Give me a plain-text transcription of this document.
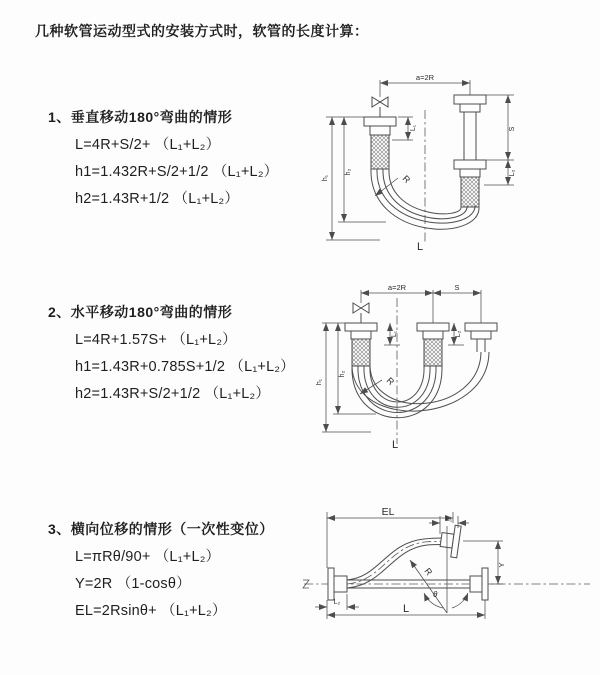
几种软管运动型式的安装方式时，软管的长度计算：
1、垂直移动180°弯曲的情形
L=4R+S/2+ （L₁+L₂）
h1=1.432R+S/2+1/2 （L₁+L₂）
h2=1.43R+1/2 （L₁+L₂）
a=2R
L₁	S
L₂
h₁
h₂
R
L
2、水平移动180°弯曲的情形
L=4R+1.57S+ （L₁+L₂）
h1=1.43R+0.785S+1/2 （L₁+L₂）
h2=1.43R+S/2+1/2 （L₁+L₂）
a=2R	S
L₁	L₂
h₁
h₂
R
L
3、横向位移的情形（一次性变位）
L=πRθ/90+ （L₁+L₂）
Y=2R （1-cosθ）
EL=2Rsinθ+ （L₁+L₂）
EL
L₁
Y
L
L₂
R
θ
